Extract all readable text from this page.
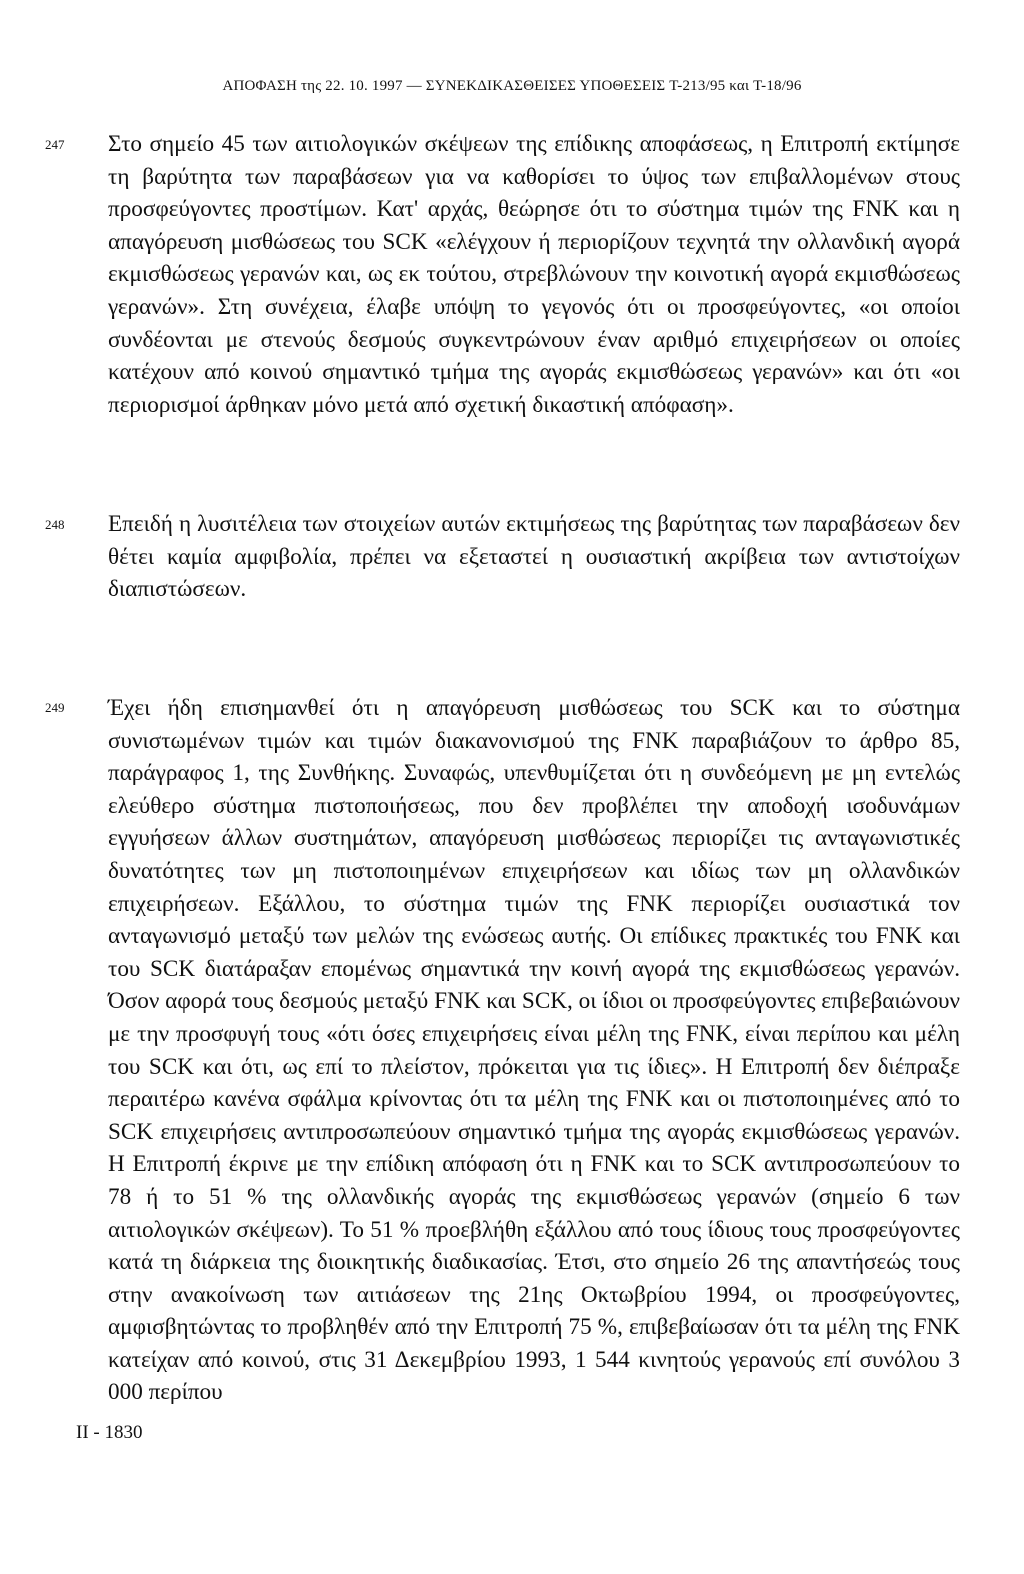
ΑΠΟΦΑΣΗ της 22. 10. 1997 — ΣΥΝΕΚΔΙΚΑΣΘΕΙΣΕΣ ΥΠΟΘΕΣΕΙΣ T-213/95 και T-18/96
247 Στο σημείο 45 των αιτιολογικών σκέψεων της επίδικης αποφάσεως, η Επιτροπή εκτίμησε τη βαρύτητα των παραβάσεων για να καθορίσει το ύψος των επιβαλλομένων στους προσφεύγοντες προστίμων. Κατ' αρχάς, θεώρησε ότι το σύστημα τιμών της FNK και η απαγόρευση μισθώσεως του SCK «ελέγχουν ή περιορίζουν τεχνητά την ολλανδική αγορά εκμισθώσεως γερανών και, ως εκ τούτου, στρεβλώνουν την κοινοτική αγορά εκμισθώσεως γερανών». Στη συνέχεια, έλαβε υπόψη το γεγονός ότι οι προσφεύγοντες, «οι οποίοι συνδέονται με στενούς δεσμούς συγκεντρώνουν έναν αριθμό επιχειρήσεων οι οποίες κατέχουν από κοινού σημαντικό τμήμα της αγοράς εκμισθώσεως γερανών» και ότι «οι περιορισμοί άρθηκαν μόνο μετά από σχετική δικαστική απόφαση».

248 Επειδή η λυσιτέλεια των στοιχείων αυτών εκτιμήσεως της βαρύτητας των παραβάσεων δεν θέτει καμία αμφιβολία, πρέπει να εξεταστεί η ουσιαστική ακρίβεια των αντιστοίχων διαπιστώσεων.

249 Έχει ήδη επισημανθεί ότι η απαγόρευση μισθώσεως του SCK και το σύστημα συνιστωμένων τιμών και τιμών διακανονισμού της FNK παραβιάζουν το άρθρο 85, παράγραφος 1, της Συνθήκης. Συναφώς, υπενθυμίζεται ότι η συνδεόμενη με μη εντελώς ελεύθερο σύστημα πιστοποιήσεως, που δεν προβλέπει την αποδοχή ισοδυνάμων εγγυήσεων άλλων συστημάτων, απαγόρευση μισθώσεως περιορίζει τις ανταγωνιστικές δυνατότητες των μη πιστοποιημένων επιχειρήσεων και ιδίως των μη ολλανδικών επιχειρήσεων. Εξάλλου, το σύστημα τιμών της FNK περιορίζει ουσιαστικά τον ανταγωνισμό μεταξύ των μελών της ενώσεως αυτής. Οι επίδικες πρακτικές του FNK και του SCK διατάραξαν επομένως σημαντικά την κοινή αγορά της εκμισθώσεως γερανών. Όσον αφορά τους δεσμούς μεταξύ FNK και SCK, οι ίδιοι οι προσφεύγοντες επιβεβαιώνουν με την προσφυγή τους «ότι όσες επιχειρήσεις είναι μέλη της FNK, είναι περίπου και μέλη του SCK και ότι, ως επί το πλείστον, πρόκειται για τις ίδιες». Η Επιτροπή δεν διέπραξε περαιτέρω κανένα σφάλμα κρίνοντας ότι τα μέλη της FNK και οι πιστοποιημένες από το SCK επιχειρήσεις αντιπροσωπεύουν σημαντικό τμήμα της αγοράς εκμισθώσεως γερανών. Η Επιτροπή έκρινε με την επίδικη απόφαση ότι η FNK και το SCK αντιπροσωπεύουν το 78 ή το 51 % της ολλανδικής αγοράς της εκμισθώσεως γερανών (σημείο 6 των αιτιολογικών σκέψεων). Το 51 % προεβλήθη εξάλλου από τους ίδιους τους προσφεύγοντες κατά τη διάρκεια της διοικητικής διαδικασίας. Έτσι, στο σημείο 26 της απαντήσεώς τους στην ανακοίνωση των αιτιάσεων της 21ης Οκτωβρίου 1994, οι προσφεύγοντες, αμφισβητώντας το προβληθέν από την Επιτροπή 75 %, επιβεβαίωσαν ότι τα μέλη της FNK κατείχαν από κοινού, στις 31 Δεκεμβρίου 1993, 1 544 κινητούς γερανούς επί συνόλου 3 000 περίπου

II - 1830
